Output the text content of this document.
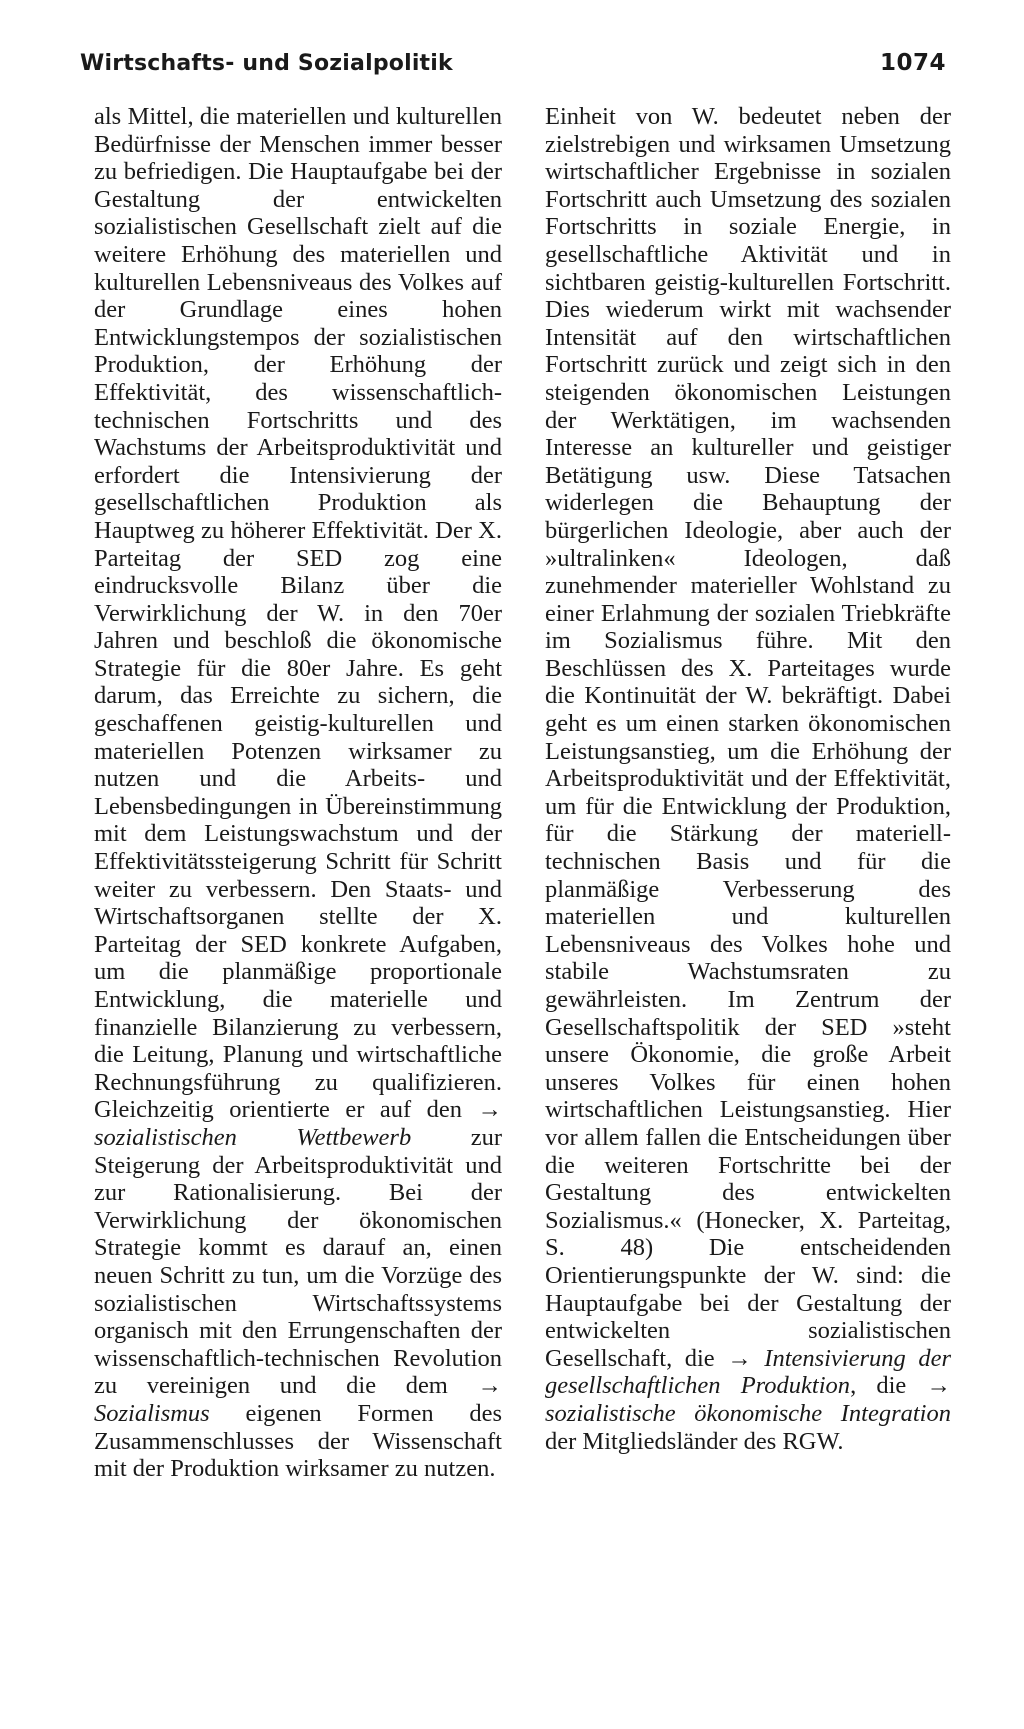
Wirtschafts- und Sozialpolitik	1074

als Mittel, die materiellen und kulturellen Bedürfnisse der Menschen immer besser zu befriedigen. Die Hauptaufgabe bei der Gestaltung der entwickelten sozialistischen Gesellschaft zielt auf die weitere Erhöhung des materiellen und kulturellen Lebensniveaus des Volkes auf der Grundlage eines hohen Entwicklungstempos der sozialistischen Produktion, der Erhöhung der Effektivität, des wissenschaftlich-technischen Fortschritts und des Wachstums der Arbeitsproduktivität und erfordert die Intensivierung der gesellschaftlichen Produktion als Hauptweg zu höherer Effektivität. Der X. Parteitag der SED zog eine eindrucksvolle Bilanz über die Verwirklichung der W. in den 70er Jahren und beschloß die ökonomische Strategie für die 80er Jahre. Es geht darum, das Erreichte zu sichern, die geschaffenen geistig-kulturellen und materiellen Potenzen wirksamer zu nutzen und die Arbeits- und Lebensbedingungen in Übereinstimmung mit dem Leistungswachstum und der Effektivitätssteigerung Schritt für Schritt weiter zu verbessern. Den Staats- und Wirtschaftsorganen stellte der X. Parteitag der SED konkrete Aufgaben, um die planmäßige proportionale Entwicklung, die materielle und finanzielle Bilanzierung zu verbessern, die Leitung, Planung und wirtschaftliche Rechnungsführung zu qualifizieren. Gleichzeitig orientierte er auf den → sozialistischen Wettbewerb zur Steigerung der Arbeitsproduktivität und zur Rationalisierung. Bei der Verwirklichung der ökonomischen Strategie kommt es darauf an, einen neuen Schritt zu tun, um die Vorzüge des sozialistischen Wirtschaftssystems organisch mit den Errungenschaften der wissenschaftlich-technischen Revolution zu vereinigen und die dem → Sozialismus eigenen Formen des Zusammenschlusses der Wissenschaft mit der Produktion wirksamer zu nutzen.

Einheit von W. bedeutet neben der zielstrebigen und wirksamen Umsetzung wirtschaftlicher Ergebnisse in sozialen Fortschritt auch Umsetzung des sozialen Fortschritts in soziale Energie, in gesellschaftliche Aktivität und in sichtbaren geistig-kulturellen Fortschritt. Dies wiederum wirkt mit wachsender Intensität auf den wirtschaftlichen Fortschritt zurück und zeigt sich in den steigenden ökonomischen Leistungen der Werktätigen, im wachsenden Interesse an kultureller und geistiger Betätigung usw. Diese Tatsachen widerlegen die Behauptung der bürgerlichen Ideologie, aber auch der »ultralinken« Ideologen, daß zunehmender materieller Wohlstand zu einer Erlahmung der sozialen Triebkräfte im Sozialismus führe. Mit den Beschlüssen des X. Parteitages wurde die Kontinuität der W. bekräftigt. Dabei geht es um einen starken ökonomischen Leistungsanstieg, um die Erhöhung der Arbeitsproduktivität und der Effektivität, um für die Entwicklung der Produktion, für die Stärkung der materiell-technischen Basis und für die planmäßige Verbesserung des materiellen und kulturellen Lebensniveaus des Volkes hohe und stabile Wachstumsraten zu gewährleisten. Im Zentrum der Gesellschaftspolitik der SED »steht unsere Ökonomie, die große Arbeit unseres Volkes für einen hohen wirtschaftlichen Leistungsanstieg. Hier vor allem fallen die Entscheidungen über die weiteren Fortschritte bei der Gestaltung des entwickelten Sozialismus.« (Honecker, X. Parteitag, S. 48) Die entscheidenden Orientierungspunkte der W. sind: die Hauptaufgabe bei der Gestaltung der entwickelten sozialistischen Gesellschaft, die → Intensivierung der gesellschaftlichen Produktion, die → sozialistische ökonomische Integration der Mitgliedsländer des RGW.
